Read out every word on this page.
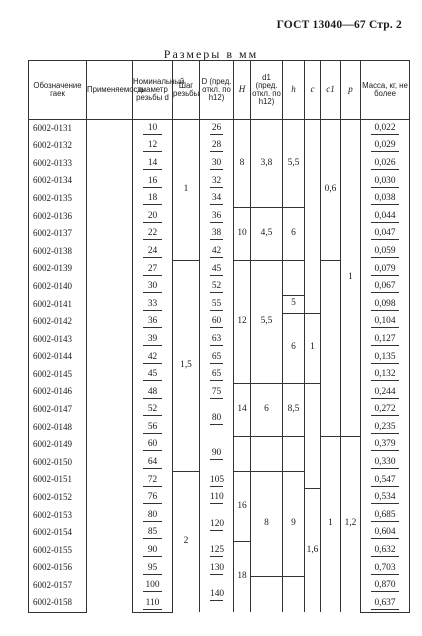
ГОСТ 13040—67 Стр. 2
Размеры в мм
Обозначение гаек	Применяемость	Номинальный диаметр резьбы d	Шаг резьбы	D (пред. откл. по h12)	H	d1 (пред. откл. по h12)	h	c	c1	p	Масса, кг, не более
6002-0131		10	1	26	8	3,8	5,5		0,6	1	0,022

6002-0132		12		28							0,029

6002-0133		14		30							0,026

6002-0134		16		32							0,030

6002-0135		18		34							0,038

6002-0136		20		36	10	4,5	6				0,044

6002-0137		22		38							0,047

6002-0138		24		42							0,059

6002-0139		27	1,5	45	12	5,5					0,079

6002-0140		30		52							0,067

6002-0141		33		55			5				0,098

6002-0142		36		60			6	1			0,104

6002-0143		39		63							0,127

6002-0144		42		65							0,135

6002-0145		45		65							0,132

6002-0146		48		75	14	6	8,5				0,244

6002-0147		52		80							0,272

6002-0148		56									0,235

6002-0149		60		90					1	1,2	0,379

6002-0150		64									0,330

6002-0151		72	2	105	16	8	9				0,547

6002-0152		76		110				1,6			0,534

6002-0153		80		120							0,685

6002-0154		85									0,604

6002-0155		90		125	18						0,632

6002-0156		95		130							0,703

6002-0157		100		140							0,870

6002-0158		110									0,637
